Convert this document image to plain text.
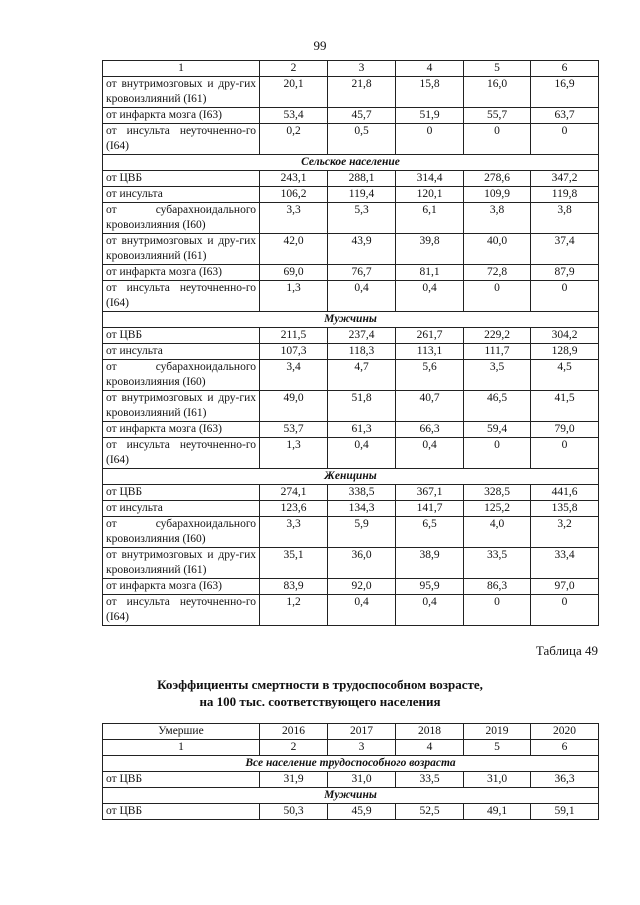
99
1	2	3	4	5	6
от внутримозговых и дру-гих кровоизлияний (I61)	20,1	21,8	15,8	16,0	16,9
от инфаркта мозга (I63)	53,4	45,7	51,9	55,7	63,7
от инсульта неуточненно-го (I64)	0,2	0,5	0	0	0
Сельское население					
от ЦВБ	243,1	288,1	314,4	278,6	347,2
от инсульта	106,2	119,4	120,1	109,9	119,8
от субарахноидального кровоизлияния (I60)	3,3	5,3	6,1	3,8	3,8
от внутримозговых и дру-гих кровоизлияний (I61)	42,0	43,9	39,8	40,0	37,4
от инфаркта мозга (I63)	69,0	76,7	81,1	72,8	87,9
от инсульта неуточненно-го (I64)	1,3	0,4	0,4	0	0
Мужчины					
от ЦВБ	211,5	237,4	261,7	229,2	304,2
от инсульта	107,3	118,3	113,1	111,7	128,9
от субарахноидального кровоизлияния (I60)	3,4	4,7	5,6	3,5	4,5
от внутримозговых и дру-гих кровоизлияний (I61)	49,0	51,8	40,7	46,5	41,5
от инфаркта мозга (I63)	53,7	61,3	66,3	59,4	79,0
от инсульта неуточненно-го (I64)	1,3	0,4	0,4	0	0
Женщины					
от ЦВБ	274,1	338,5	367,1	328,5	441,6
от инсульта	123,6	134,3	141,7	125,2	135,8
от субарахноидального кровоизлияния (I60)	3,3	5,9	6,5	4,0	3,2
от внутримозговых и дру-гих кровоизлияний (I61)	35,1	36,0	38,9	33,5	33,4
от инфаркта мозга (I63)	83,9	92,0	95,9	86,3	97,0
от инсульта неуточненно-го (I64)	1,2	0,4	0,4	0	0
Таблица 49
Коэффициенты смертности в трудоспособном возрасте,
на 100 тыс. соответствующего населения
Умершие	2016	2017	2018	2019	2020
1	2	3	4	5	6
Все население трудоспособного возраста					
от ЦВБ	31,9	31,0	33,5	31,0	36,3
Мужчины					
от ЦВБ	50,3	45,9	52,5	49,1	59,1
